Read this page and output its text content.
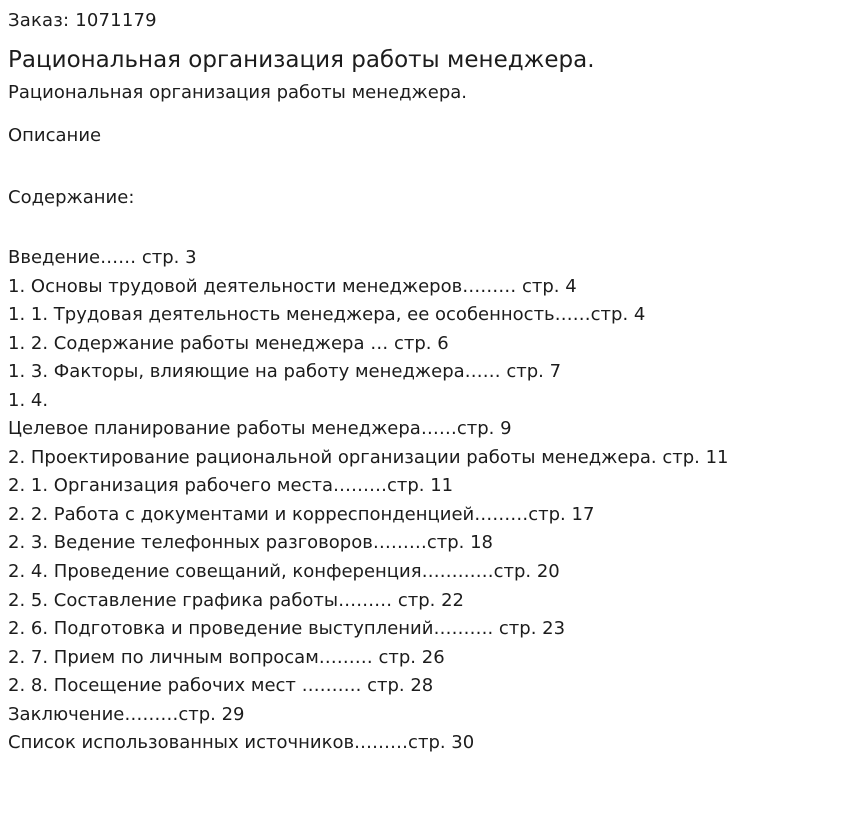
Заказ: 1071179
Рациональная организация работы менеджера.
Рациональная организация работы менеджера.
Описание
Содержание:
Введение…… стр. 3
1. Основы трудовой деятельности менеджеров……… стр. 4
1. 1. Трудовая деятельность менеджера, ее особенность……стр. 4
1. 2. Содержание работы менеджера … стр. 6
1. 3. Факторы, влияющие на работу менеджера…… стр. 7
1. 4.
Целевое планирование работы менеджера……стр. 9
2. Проектирование рациональной организации работы менеджера. стр. 11
2. 1. Организация рабочего места………стр. 11
2. 2. Работа с документами и корреспонденцией………стр. 17
2. 3. Ведение телефонных разговоров………стр. 18
2. 4. Проведение совещаний, конференция…………стр. 20
2. 5. Составление графика работы……… стр. 22
2. 6. Подготовка и проведение выступлений………. стр. 23
2. 7. Прием по личным вопросам……… стр. 26
2. 8. Посещение рабочих мест ………. стр. 28
Заключение………стр. 29
Список использованных источников………стр. 30
